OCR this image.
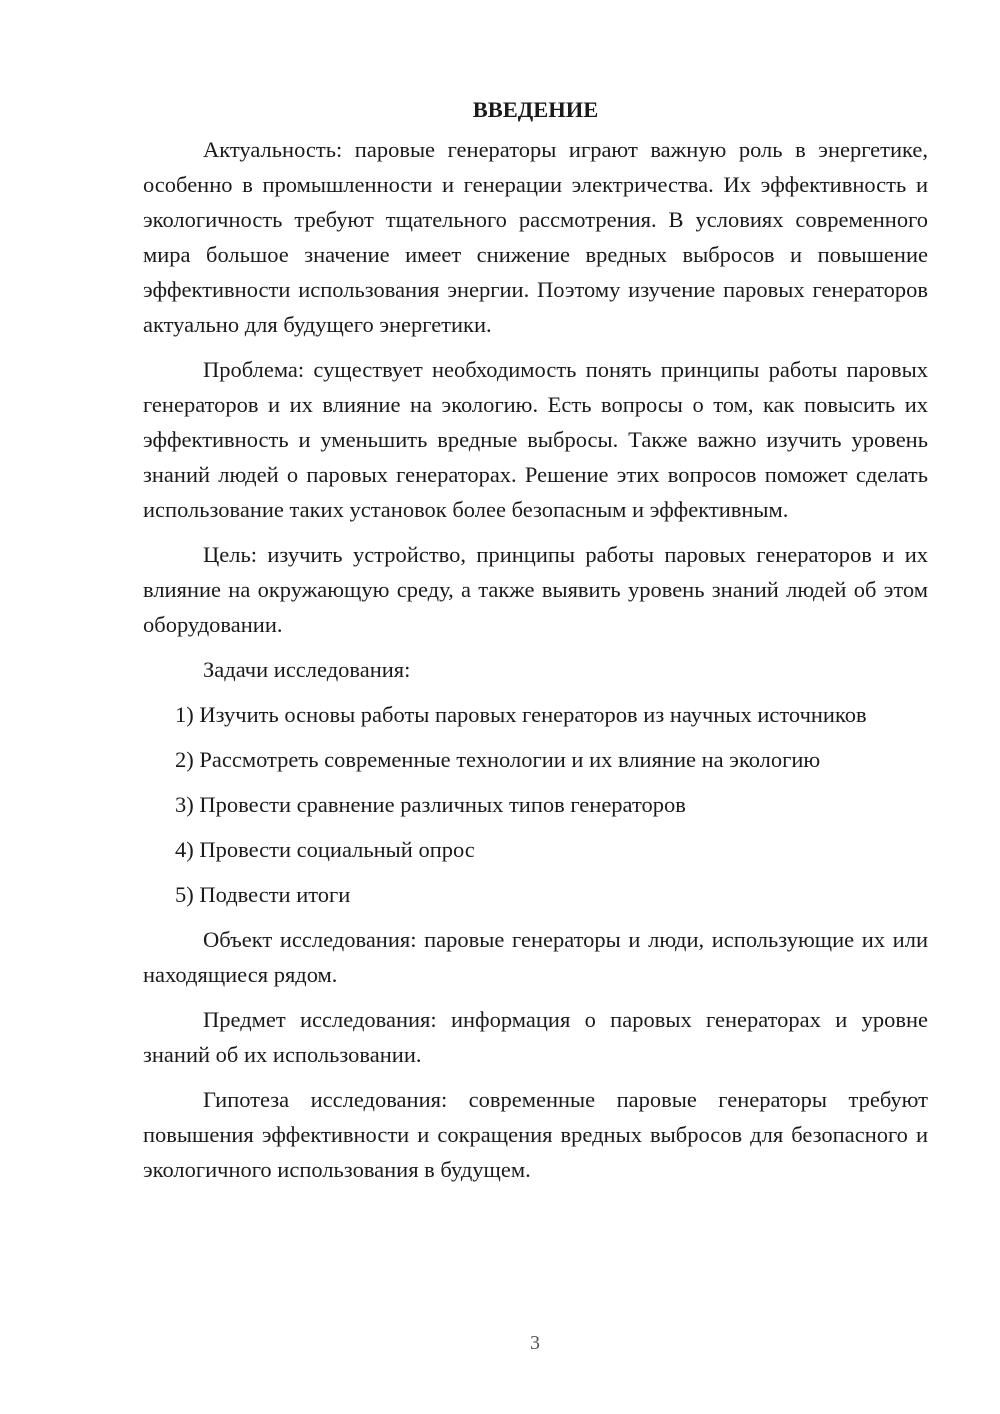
ВВЕДЕНИЕ

Актуальность: паровые генераторы играют важную роль в энергетике, особенно в промышленности и генерации электричества. Их эффективность и экологичность требуют тщательного рассмотрения. В условиях современного мира большое значение имеет снижение вредных выбросов и повышение эффективности использования энергии. Поэтому изучение паровых генераторов актуально для будущего энергетики.

Проблема: существует необходимость понять принципы работы паровых генераторов и их влияние на экологию. Есть вопросы о том, как повысить их эффективность и уменьшить вредные выбросы. Также важно изучить уровень знаний людей о паровых генераторах. Решение этих вопросов поможет сделать использование таких установок более безопасным и эффективным.

Цель: изучить устройство, принципы работы паровых генераторов и их влияние на окружающую среду, а также выявить уровень знаний людей об этом оборудовании.

Задачи исследования:

1) Изучить основы работы паровых генераторов из научных источников

2) Рассмотреть современные технологии и их влияние на экологию

3) Провести сравнение различных типов генераторов

4) Провести социальный опрос

5) Подвести итоги

Объект исследования: паровые генераторы и люди, использующие их или находящиеся рядом.

Предмет исследования: информация о паровых генераторах и уровне знаний об их использовании.

Гипотеза исследования: современные паровые генераторы требуют повышения эффективности и сокращения вредных выбросов для безопасного и экологичного использования в будущем.

3
